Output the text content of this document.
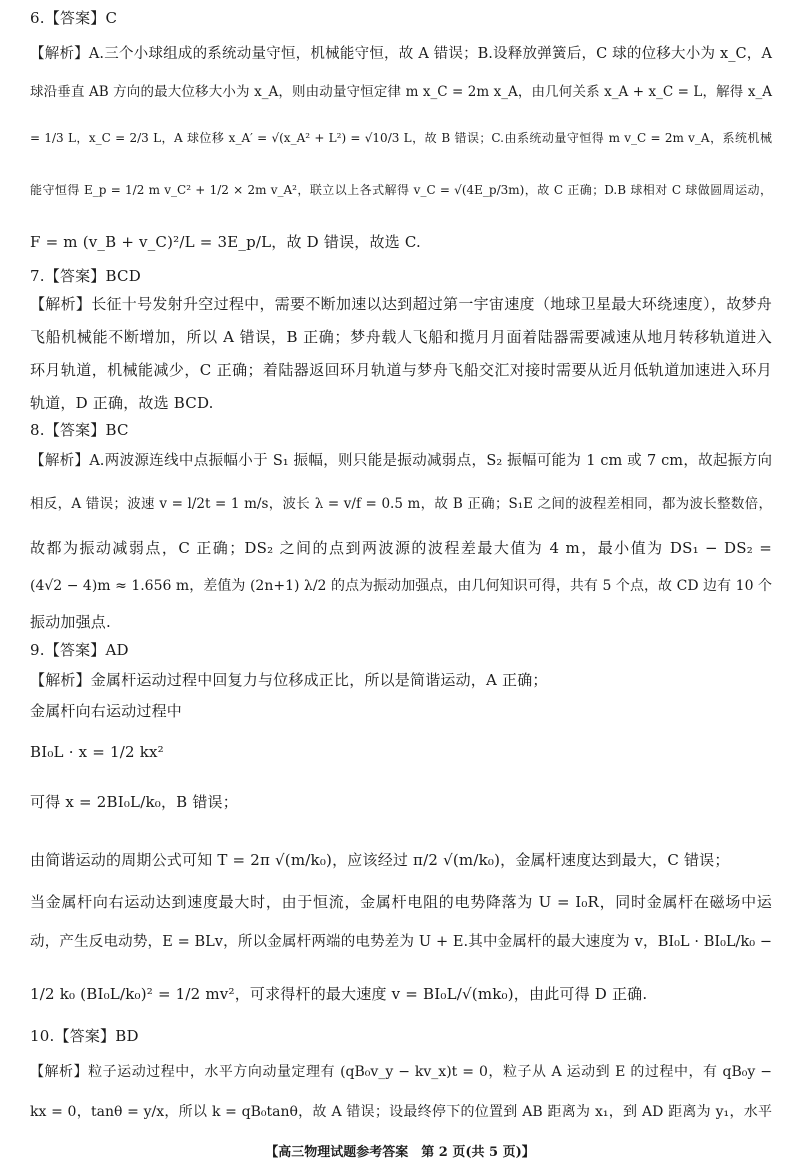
6.【答案】C
【解析】A.三个小球组成的系统动量守恒，机械能守恒，故 A 错误；B.设释放弹簧后，C 球的位移大小为 x_C，A
球沿垂直 AB 方向的最大位移大小为 x_A，则由动量守恒定律 m x_C = 2m x_A，由几何关系 x_A + x_C = L，解得 x_A
= 1/3 L，x_C = 2/3 L，A 球位移 x_A′ = √(x_A² + L²) = √10/3 L，故 B 错误；C.由系统动量守恒得 m v_C = 2m v_A，系统机械
能守恒得 E_p = 1/2 m v_C² + 1/2 × 2m v_A²，联立以上各式解得 v_C = √(4E_p/3m)，故 C 正确；D.B 球相对 C 球做圆周运动，
F = m (v_B + v_C)²/L = 3E_p/L，故 D 错误，故选 C.
7.【答案】BCD
【解析】长征十号发射升空过程中，需要不断加速以达到超过第一宇宙速度（地球卫星最大环绕速度），故梦舟
飞船机械能不断增加，所以 A 错误，B 正确；梦舟载人飞船和揽月月面着陆器需要减速从地月转移轨道进入
环月轨道，机械能减少，C 正确；着陆器返回环月轨道与梦舟飞船交汇对接时需要从近月低轨道加速进入环月
轨道，D 正确，故选 BCD.
8.【答案】BC
【解析】A.两波源连线中点振幅小于 S₁ 振幅，则只能是振动减弱点，S₂ 振幅可能为 1 cm 或 7 cm，故起振方向
相反，A 错误；波速 v = l/2t = 1 m/s，波长 λ = v/f = 0.5 m，故 B 正确；S₁E 之间的波程差相同，都为波长整数倍，
故都为振动减弱点，C 正确；DS₂ 之间的点到两波源的波程差最大值为 4 m，最小值为 DS₁ − DS₂ =
(4√2 − 4)m ≈ 1.656 m，差值为 (2n+1) λ/2 的点为振动加强点，由几何知识可得，共有 5 个点，故 CD 边有 10 个
振动加强点.
9.【答案】AD
【解析】金属杆运动过程中回复力与位移成正比，所以是简谐运动，A 正确；
金属杆向右运动过程中
BI₀L · x = 1/2 kx²
可得 x = 2BI₀L/k₀，B 错误；
由简谐运动的周期公式可知 T = 2π √(m/k₀)，应该经过 π/2 √(m/k₀)，金属杆速度达到最大，C 错误；
当金属杆向右运动达到速度最大时，由于恒流，金属杆电阻的电势降落为 U = I₀R，同时金属杆在磁场中运
动，产生反电动势，E = BLv，所以金属杆两端的电势差为 U + E.其中金属杆的最大速度为 v，BI₀L · BI₀L/k₀ −
1/2 k₀ (BI₀L/k₀)² = 1/2 mv²，可求得杆的最大速度 v = BI₀L/√(mk₀)，由此可得 D 正确.
10.【答案】BD
【解析】粒子运动过程中，水平方向动量定理有 (qB₀v_y − kv_x)t = 0，粒子从 A 运动到 E 的过程中，有 qB₀y −
kx = 0，tanθ = y/x，所以 k = qB₀tanθ，故 A 错误；设最终停下的位置到 AB 距离为 x₁，到 AD 距离为 y₁，水平
【高三物理试题参考答案　第 2 页(共 5 页)】
